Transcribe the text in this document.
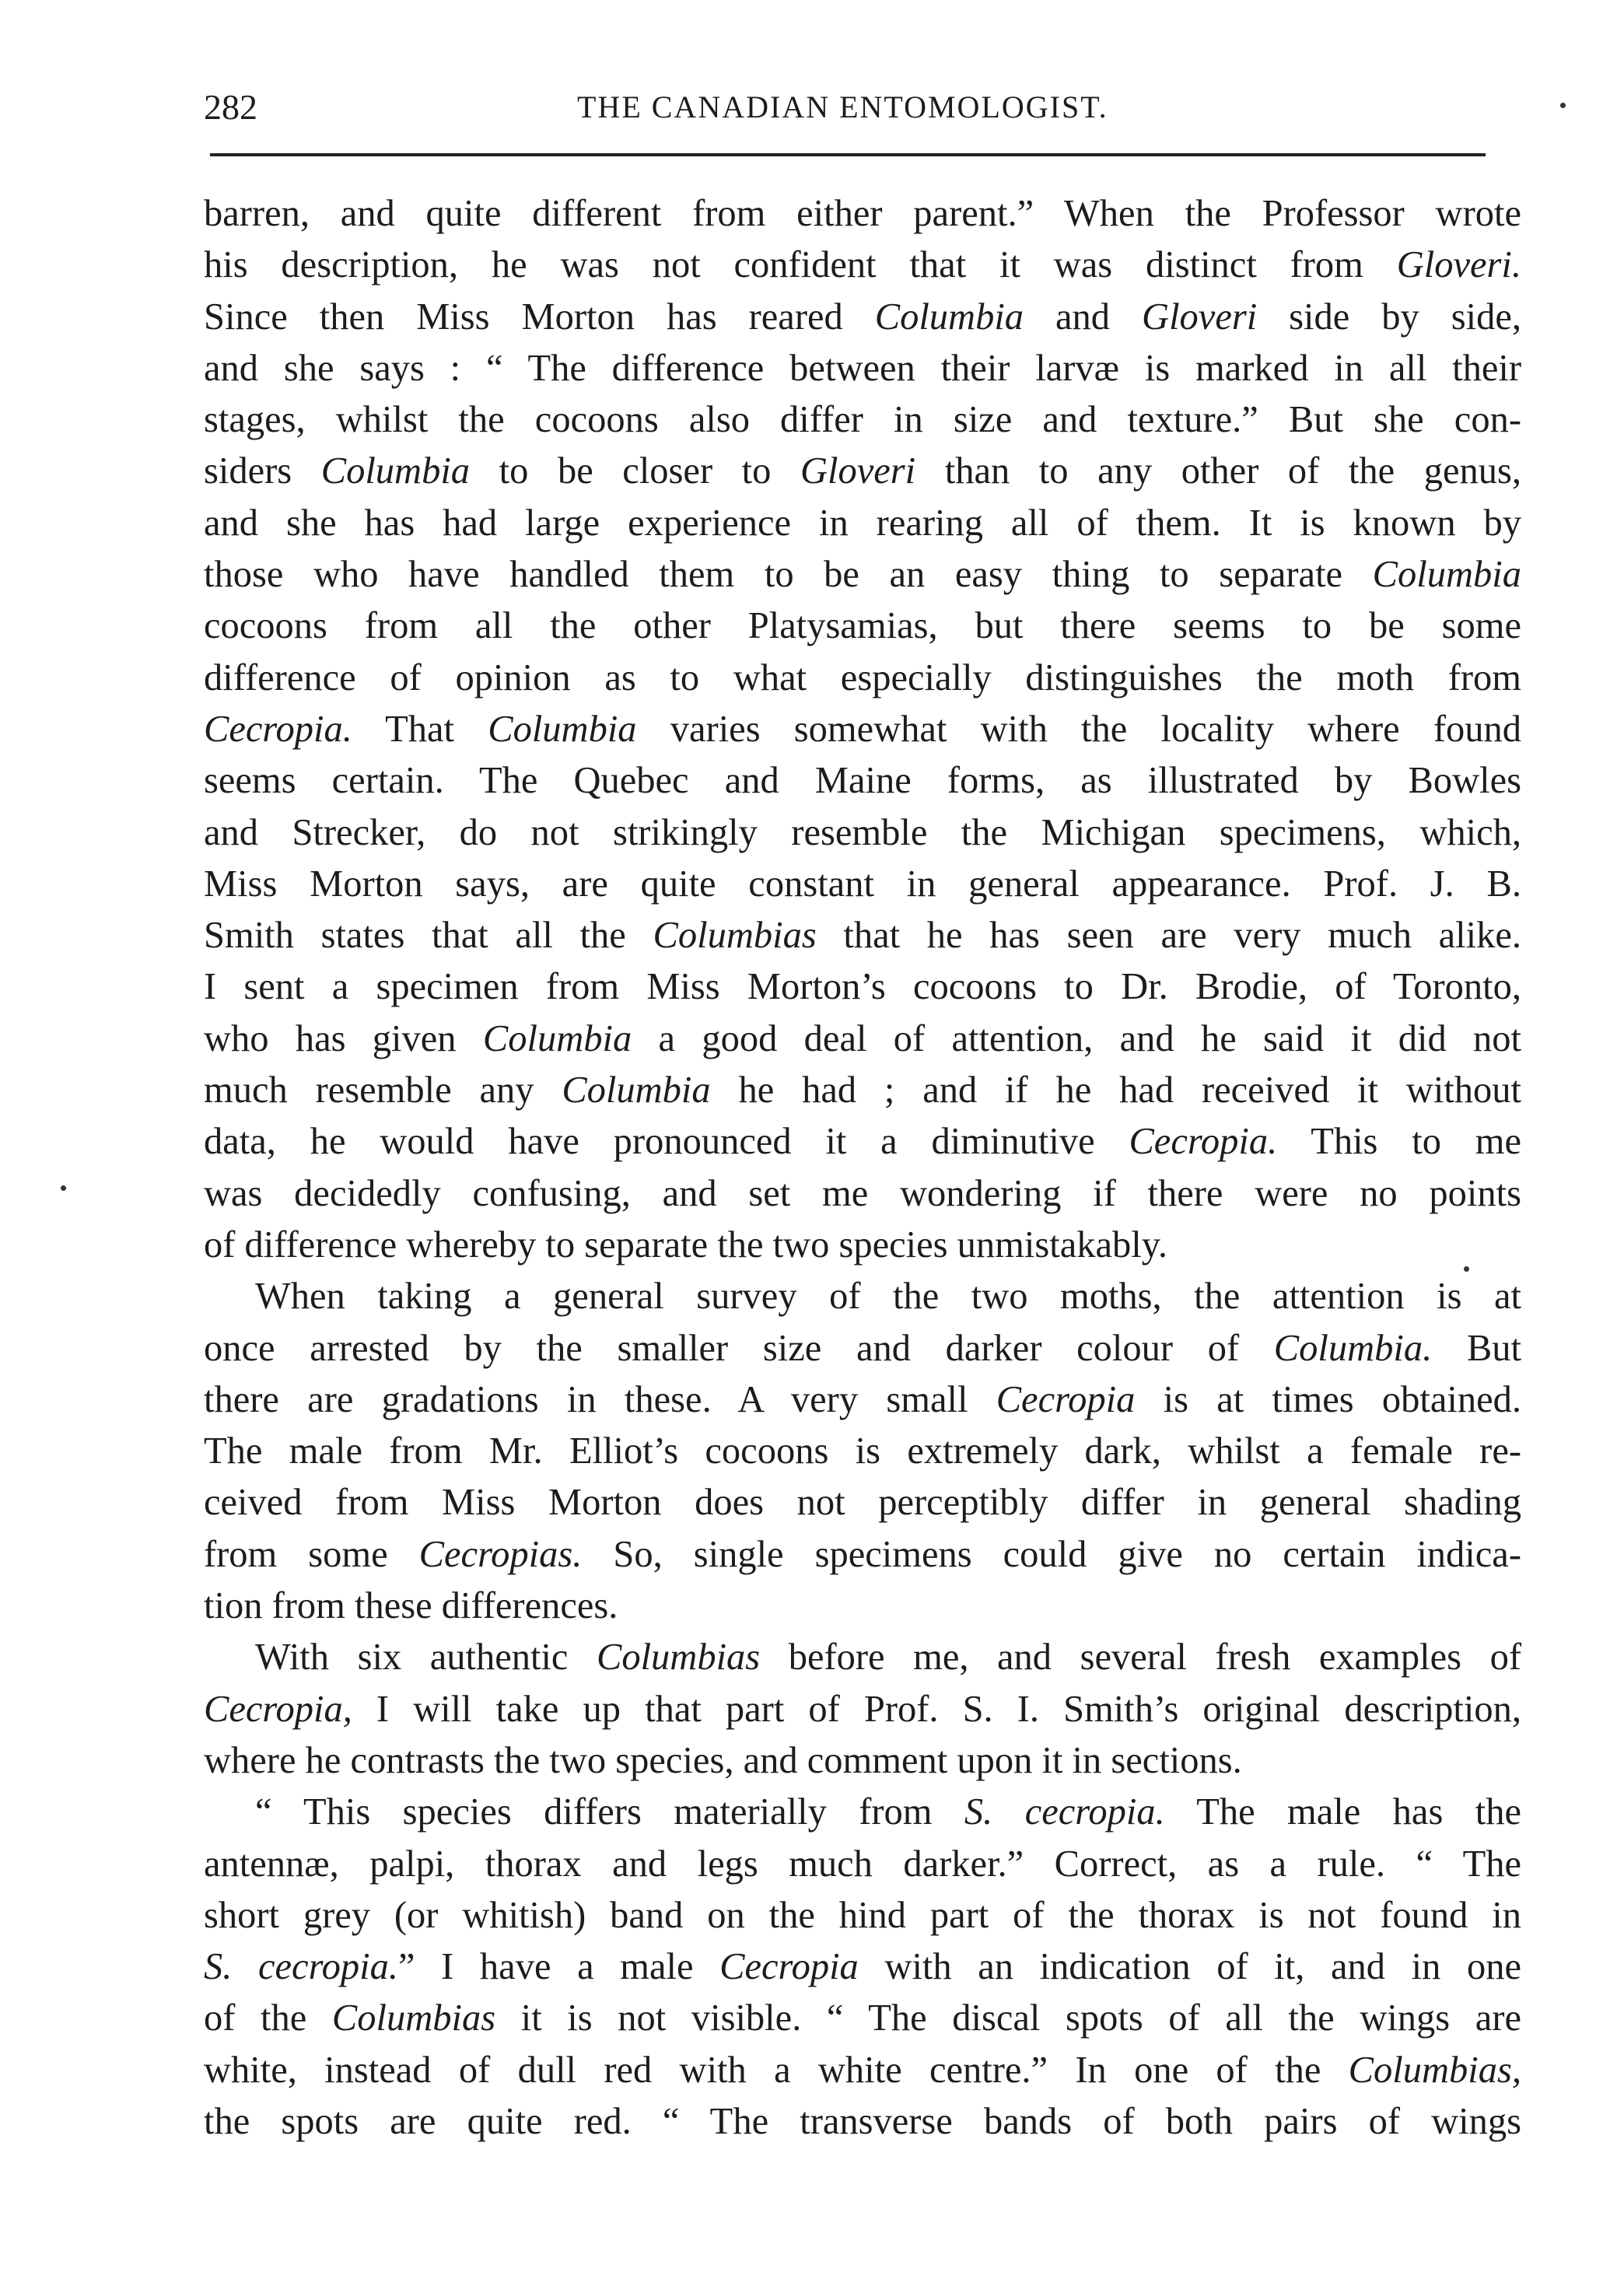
282	THE CANADIAN ENTOMOLOGIST.
barren, and quite different from either parent.” When the Professor wrote
his description, he was not confident that it was distinct from Gloveri.
Since then Miss Morton has reared Columbia and Gloveri side by side,
and she says : “ The difference between their larvæ is marked in all their
stages, whilst the cocoons also differ in size and texture.” But she con-
siders Columbia to be closer to Gloveri than to any other of the genus,
and she has had large experience in rearing all of them. It is known by
those who have handled them to be an easy thing to separate Columbia
cocoons from all the other Platysamias, but there seems to be some
difference of opinion as to what especially distinguishes the moth from
Cecropia. That Columbia varies somewhat with the locality where found
seems certain. The Quebec and Maine forms, as illustrated by Bowles
and Strecker, do not strikingly resemble the Michigan specimens, which,
Miss Morton says, are quite constant in general appearance. Prof. J. B.
Smith states that all the Columbias that he has seen are very much alike.
I sent a specimen from Miss Morton’s cocoons to Dr. Brodie, of Toronto,
who has given Columbia a good deal of attention, and he said it did not
much resemble any Columbia he had ; and if he had received it without
data, he would have pronounced it a diminutive Cecropia. This to me
was decidedly confusing, and set me wondering if there were no points
of difference whereby to separate the two species unmistakably.
When taking a general survey of the two moths, the attention is at
once arrested by the smaller size and darker colour of Columbia. But
there are gradations in these. A very small Cecropia is at times obtained.
The male from Mr. Elliot’s cocoons is extremely dark, whilst a female re-
ceived from Miss Morton does not perceptibly differ in general shading
from some Cecropias. So, single specimens could give no certain indica-
tion from these differences.
With six authentic Columbias before me, and several fresh examples of
Cecropia, I will take up that part of Prof. S. I. Smith’s original description,
where he contrasts the two species, and comment upon it in sections.
“ This species differs materially from S. cecropia. The male has the
antennæ, palpi, thorax and legs much darker.” Correct, as a rule. “ The
short grey (or whitish) band on the hind part of the thorax is not found in
S. cecropia.” I have a male Cecropia with an indication of it, and in one
of the Columbias it is not visible. “ The discal spots of all the wings are
white, instead of dull red with a white centre.” In one of the Columbias,
the spots are quite red. “ The transverse bands of both pairs of wings
